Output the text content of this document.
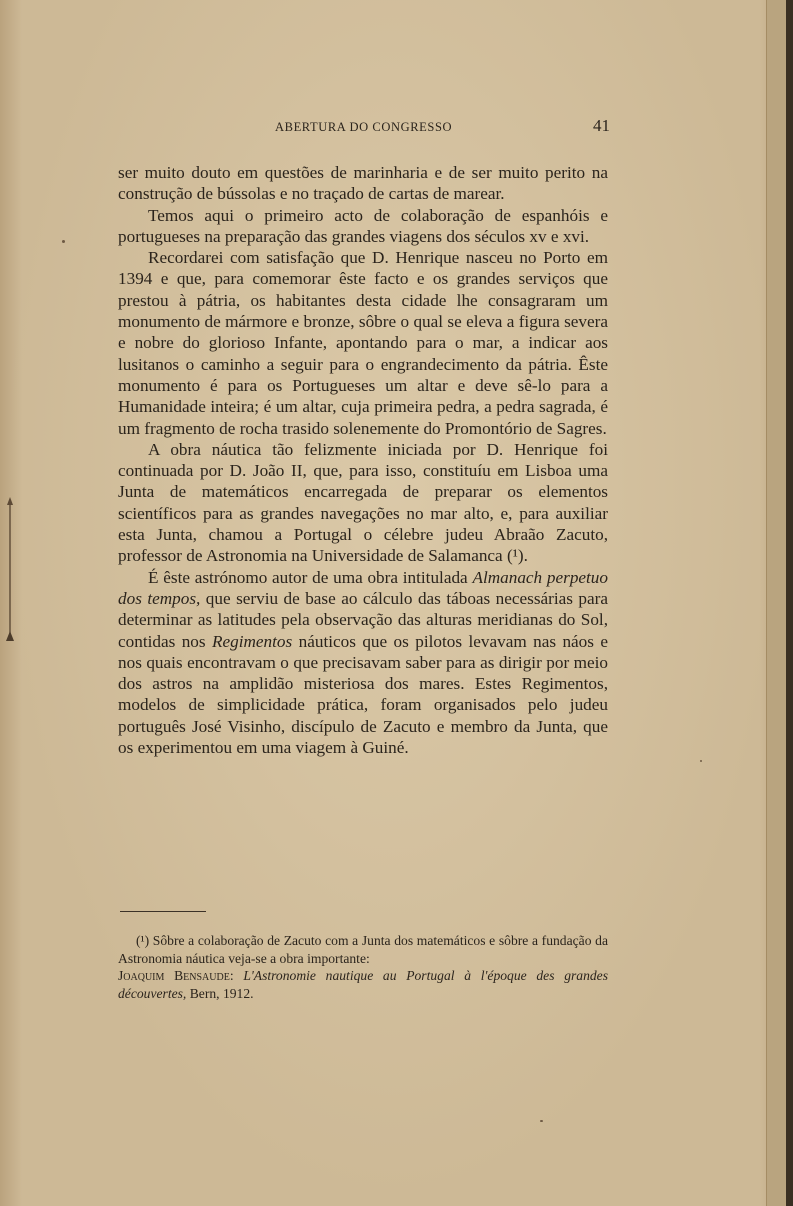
ABERTURA DO CONGRESSO	41

ser muito douto em questões de marinharia e de ser muito perito na construção de bússolas e no traçado de cartas de marear.

Temos aqui o primeiro acto de colaboração de espanhóis e portugueses na preparação das grandes viagens dos séculos xv e xvi.

Recordarei com satisfação que D. Henrique nasceu no Porto em 1394 e que, para comemorar êste facto e os grandes serviços que prestou à pátria, os habitantes desta cidade lhe consagraram um monumento de mármore e bronze, sôbre o qual se eleva a figura severa e nobre do glorioso Infante, apontando para o mar, a indicar aos lusitanos o caminho a seguir para o engrandecimento da pátria. Êste monumento é para os Portugueses um altar e deve sê-lo para a Humanidade inteira; é um altar, cuja primeira pedra, a pedra sagrada, é um fragmento de rocha trasido solenemente do Promontório de Sagres.

A obra náutica tão felizmente iniciada por D. Henrique foi continuada por D. João II, que, para isso, constituíu em Lisboa uma Junta de matemáticos encarregada de preparar os elementos scientíficos para as grandes navegações no mar alto, e, para auxiliar esta Junta, chamou a Portugal o célebre judeu Abraão Zacuto, professor de Astronomia na Universidade de Salamanca (¹).

É êste astrónomo autor de uma obra intitulada Almanach perpetuo dos tempos, que serviu de base ao cálculo das táboas necessárias para determinar as latitudes pela observação das alturas meridianas do Sol, contidas nos Regimentos náuticos que os pilotos levavam nas náos e nos quais encontravam o que precisavam saber para as dirigir por meio dos astros na amplidão misteriosa dos mares. Estes Regimentos, modelos de simplicidade prática, foram organisados pelo judeu português José Visinho, discípulo de Zacuto e membro da Junta, que os experimentou em uma viagem à Guiné.

(¹) Sôbre a colaboração de Zacuto com a Junta dos matemáticos e sôbre a fundação da Astronomia náutica veja-se a obra importante:

Joaquim Bensaude: L'Astronomie nautique au Portugal à l'époque des grandes découvertes, Bern, 1912.
